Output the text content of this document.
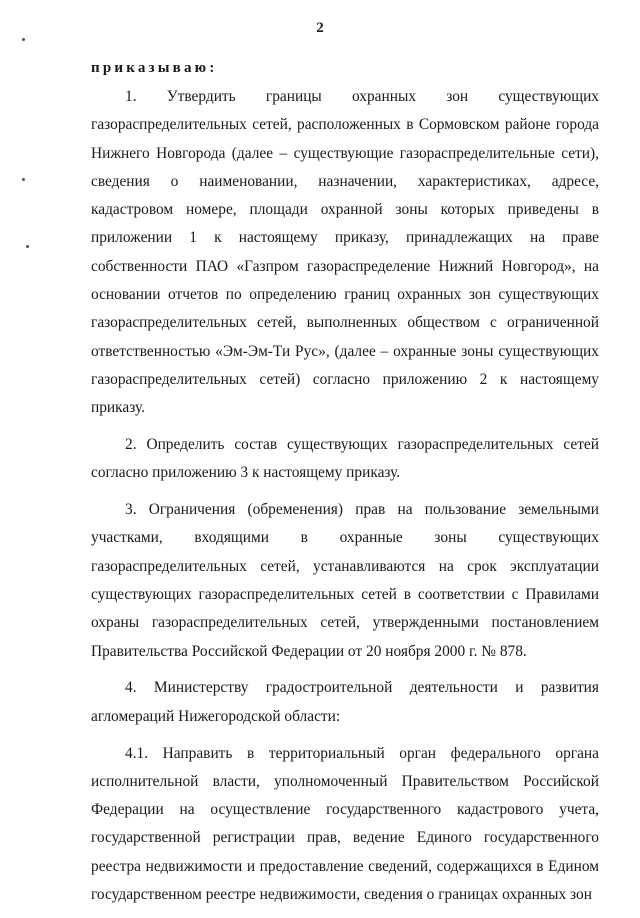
2
приказываю:

1. Утвердить границы охранных зон существующих газораспределительных сетей, расположенных в Сормовском районе города Нижнего Новгорода (далее – существующие газораспределительные сети), сведения о наименовании, назначении, характеристиках, адресе, кадастровом номере, площади охранной зоны которых приведены в приложении 1 к настоящему приказу, принадлежащих на праве собственности ПАО «Газпром газораспределение Нижний Новгород», на основании отчетов по определению границ охранных зон существующих газораспределительных сетей, выполненных обществом с ограниченной ответственностью «Эм-Эм-Ти Рус», (далее – охранные зоны существующих газораспределительных сетей) согласно приложению 2 к настоящему приказу.

2. Определить состав существующих газораспределительных сетей согласно приложению 3 к настоящему приказу.

3. Ограничения (обременения) прав на пользование земельными участками, входящими в охранные зоны существующих газораспределительных сетей, устанавливаются на срок эксплуатации существующих газораспределительных сетей в соответствии с Правилами охраны газораспределительных сетей, утвержденными постановлением Правительства Российской Федерации от 20 ноября 2000 г. № 878.

4. Министерству градостроительной деятельности и развития агломераций Нижегородской области:

4.1. Направить в территориальный орган федерального органа исполнительной власти, уполномоченный Правительством Российской Федерации на осуществление государственного кадастрового учета, государственной регистрации прав, ведение Единого государственного реестра недвижимости и предоставление сведений, содержащихся в Едином государственном реестре недвижимости, сведения о границах охранных зон
